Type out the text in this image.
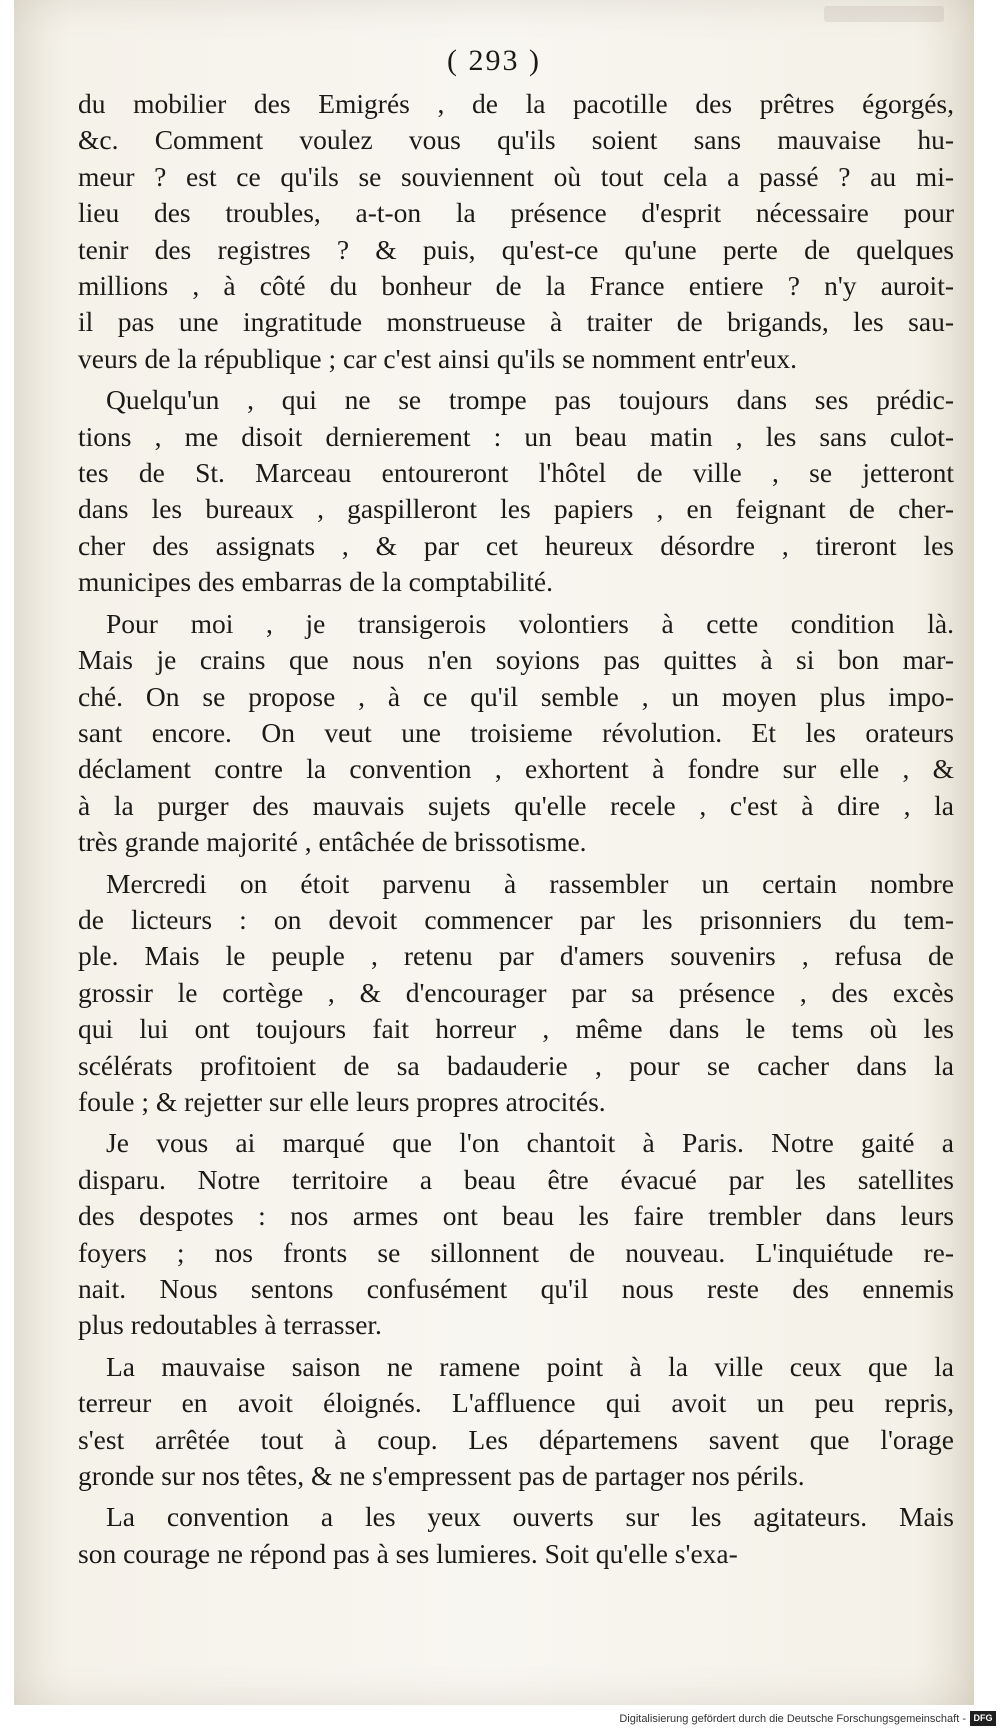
( 293 )
du mobilier des Emigrés , de la pacotille des prêtres égorgés,
&c. Comment voulez vous qu'ils soient sans mauvaise hu-
meur ? est ce qu'ils se souviennent où tout cela a passé ? au mi-
lieu des troubles, a-t-on la présence d'esprit nécessaire pour
tenir des registres ? & puis, qu'est-ce qu'une perte de quelques
millions , à côté du bonheur de la France entiere ? n'y auroit-
il pas une ingratitude monstrueuse à traiter de brigands, les sau-
veurs de la république ; car c'est ainsi qu'ils se nomment entr'eux.
Quelqu'un , qui ne se trompe pas toujours dans ses prédic-
tions , me disoit dernierement : un beau matin , les sans culot-
tes de St. Marceau entoureront l'hôtel de ville , se jetteront
dans les bureaux , gaspilleront les papiers , en feignant de cher-
cher des assignats , & par cet heureux désordre , tireront les
municipes des embarras de la comptabilité.
Pour moi , je transigerois volontiers à cette condition là.
Mais je crains que nous n'en soyions pas quittes à si bon mar-
ché. On se propose , à ce qu'il semble , un moyen plus impo-
sant encore. On veut une troisieme révolution. Et les orateurs
déclament contre la convention , exhortent à fondre sur elle , &
à la purger des mauvais sujets qu'elle recele , c'est à dire , la
très grande majorité , entâchée de brissotisme.
Mercredi on étoit parvenu à rassembler un certain nombre
de licteurs : on devoit commencer par les prisonniers du tem-
ple. Mais le peuple , retenu par d'amers souvenirs , refusa de
grossir le cortège , & d'encourager par sa présence , des excès
qui lui ont toujours fait horreur , même dans le tems où les
scélérats profitoient de sa badauderie , pour se cacher dans la
foule ; & rejetter sur elle leurs propres atrocités.
Je vous ai marqué que l'on chantoit à Paris. Notre gaité a
disparu. Notre territoire a beau être évacué par les satellites
des despotes : nos armes ont beau les faire trembler dans leurs
foyers ; nos fronts se sillonnent de nouveau. L'inquiétude re-
nait. Nous sentons confusément qu'il nous reste des ennemis
plus redoutables à terrasser.
La mauvaise saison ne ramene point à la ville ceux que la
terreur en avoit éloignés. L'affluence qui avoit un peu repris,
s'est arrêtée tout à coup. Les départemens savent que l'orage
gronde sur nos têtes, & ne s'empressent pas de partager nos périls.
La convention a les yeux ouverts sur les agitateurs. Mais
son courage ne répond pas à ses lumieres. Soit qu'elle s'exa-
Digitalisierung gefördert durch die Deutsche Forschungsgemeinschaft - DFG
